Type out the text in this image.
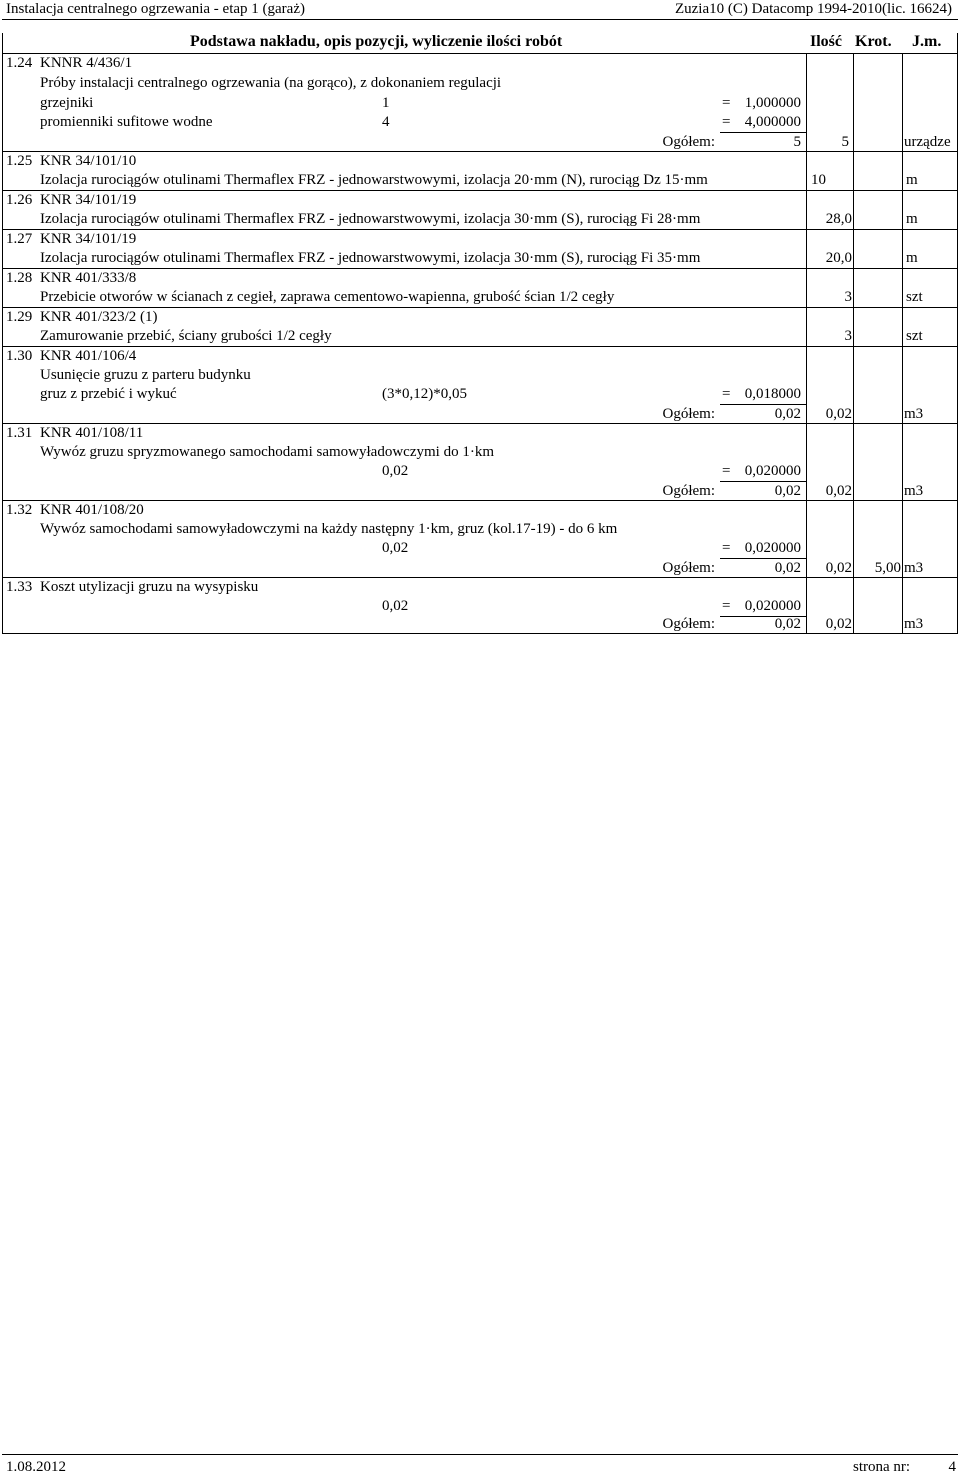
Instalacja centralnego ogrzewania - etap 1 (garaż)	Zuzia10 (C) Datacomp 1994-2010(lic. 16624)
Podstawa nakładu, opis pozycji, wyliczenie ilości robót	Ilość Krot. J.m.
1.24 KNNR 4/436/1
Próby instalacji centralnego ogrzewania (na gorąco), z dokonaniem regulacji
grzejniki	1	= 1,000000
promienniki sufitowe wodne	4	= 4,000000
Ogółem:	5	5	urządze
1.25 KNR 34/101/10
Izolacja rurociągów otulinami Thermaflex FRZ - jednowarstwowymi, izolacja 20·mm (N), rurociąg Dz 15·mm	10	m
1.26 KNR 34/101/19
Izolacja rurociągów otulinami Thermaflex FRZ - jednowarstwowymi, izolacja 30·mm (S), rurociąg Fi 28·mm	28,0	m
1.27 KNR 34/101/19
Izolacja rurociągów otulinami Thermaflex FRZ - jednowarstwowymi, izolacja 30·mm (S), rurociąg Fi 35·mm	20,0	m
1.28 KNR 401/333/8
Przebicie otworów w ścianach z cegieł, zaprawa cementowo-wapienna, grubość ścian 1/2 cegły	3	szt
1.29 KNR 401/323/2 (1)
Zamurowanie przebić, ściany grubości 1/2 cegły	3	szt
1.30 KNR 401/106/4
Usunięcie gruzu z parteru budynku
gruz z przebić i wykuć	(3*0,12)*0,05	= 0,018000
Ogółem:	0,02 0,02	m3
1.31 KNR 401/108/11
Wywóz gruzu spryzmowanego samochodami samowyładowczymi do 1·km
0,02	= 0,020000
Ogółem:	0,02 0,02	m3
1.32 KNR 401/108/20
Wywóz samochodami samowyładowczymi na każdy następny 1·km, gruz (kol.17-19) - do 6 km
0,02	= 0,020000
Ogółem:	0,02 0,02 5,00 m3
1.33 Koszt utylizacji gruzu na wysypisku
0,02	= 0,020000
Ogółem:	0,02 0,02	m3
1.08.2012	strona nr:	4
